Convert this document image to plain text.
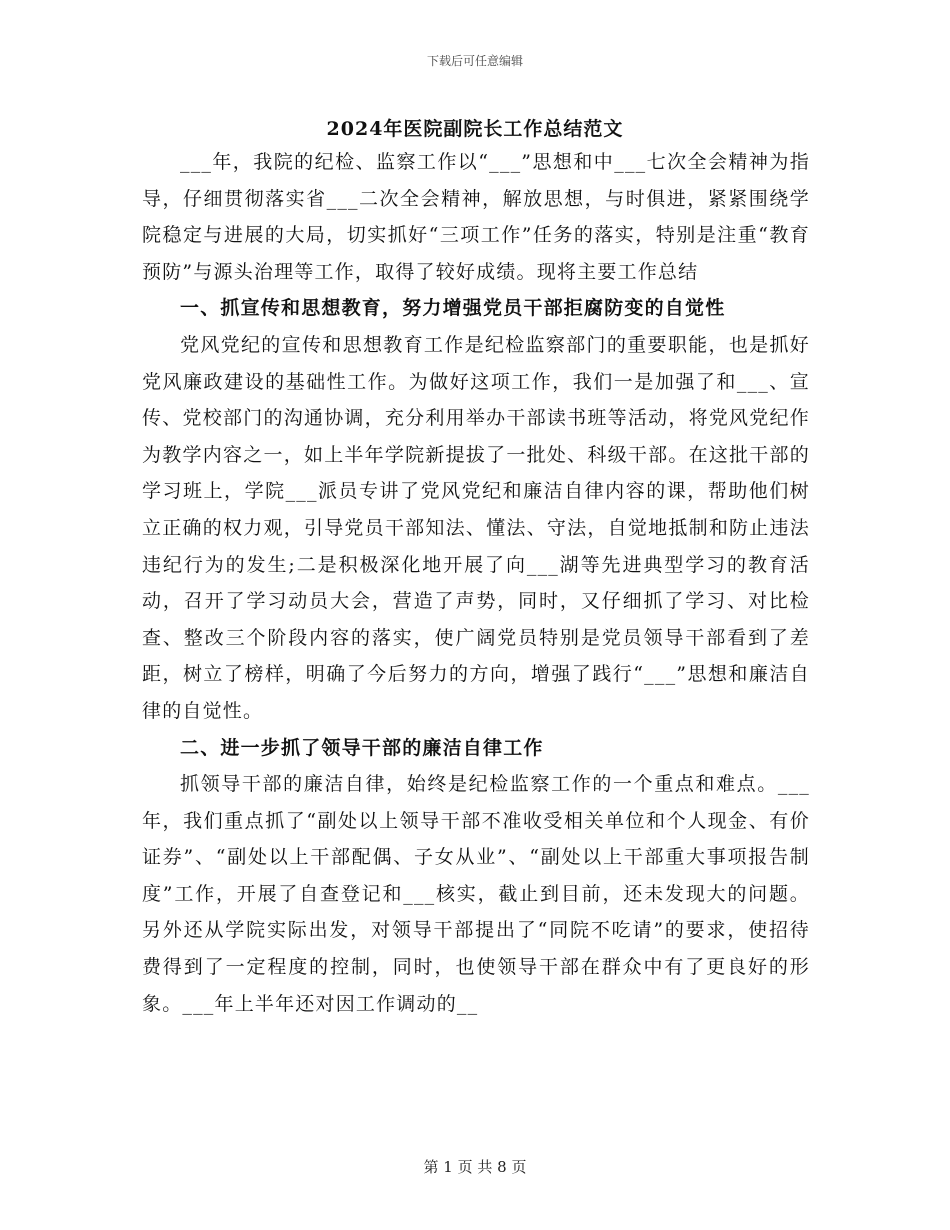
下载后可任意编辑
2024年医院副院长工作总结范文

___年，我院的纪检、监察工作以“___”思想和中___七次全会精神为指导，仔细贯彻落实省___二次全会精神，解放思想，与时俱进，紧紧围绕学院稳定与进展的大局，切实抓好“三项工作”任务的落实，特别是注重“教育预防”与源头治理等工作，取得了较好成绩。现将主要工作总结

一、抓宣传和思想教育，努力增强党员干部拒腐防变的自觉性

党风党纪的宣传和思想教育工作是纪检监察部门的重要职能，也是抓好党风廉政建设的基础性工作。为做好这项工作，我们一是加强了和___、宣传、党校部门的沟通协调，充分利用举办干部读书班等活动，将党风党纪作为教学内容之一，如上半年学院新提拔了一批处、科级干部。在这批干部的学习班上，学院___派员专讲了党风党纪和廉洁自律内容的课，帮助他们树立正确的权力观，引导党员干部知法、懂法、守法，自觉地抵制和防止违法违纪行为的发生;二是积极深化地开展了向___湖等先进典型学习的教育活动，召开了学习动员大会，营造了声势，同时，又仔细抓了学习、对比检查、整改三个阶段内容的落实，使广阔党员特别是党员领导干部看到了差距，树立了榜样，明确了今后努力的方向，增强了践行“___”思想和廉洁自律的自觉性。

二、进一步抓了领导干部的廉洁自律工作

抓领导干部的廉洁自律，始终是纪检监察工作的一个重点和难点。___年，我们重点抓了“副处以上领导干部不准收受相关单位和个人现金、有价证券”、“副处以上干部配偶、子女从业”、“副处以上干部重大事项报告制度”工作，开展了自查登记和___核实，截止到目前，还未发现大的问题。另外还从学院实际出发，对领导干部提出了“同院不吃请”的要求，使招待费得到了一定程度的控制，同时，也使领导干部在群众中有了更良好的形象。___年上半年还对因工作调动的__

第 1 页 共 8 页
